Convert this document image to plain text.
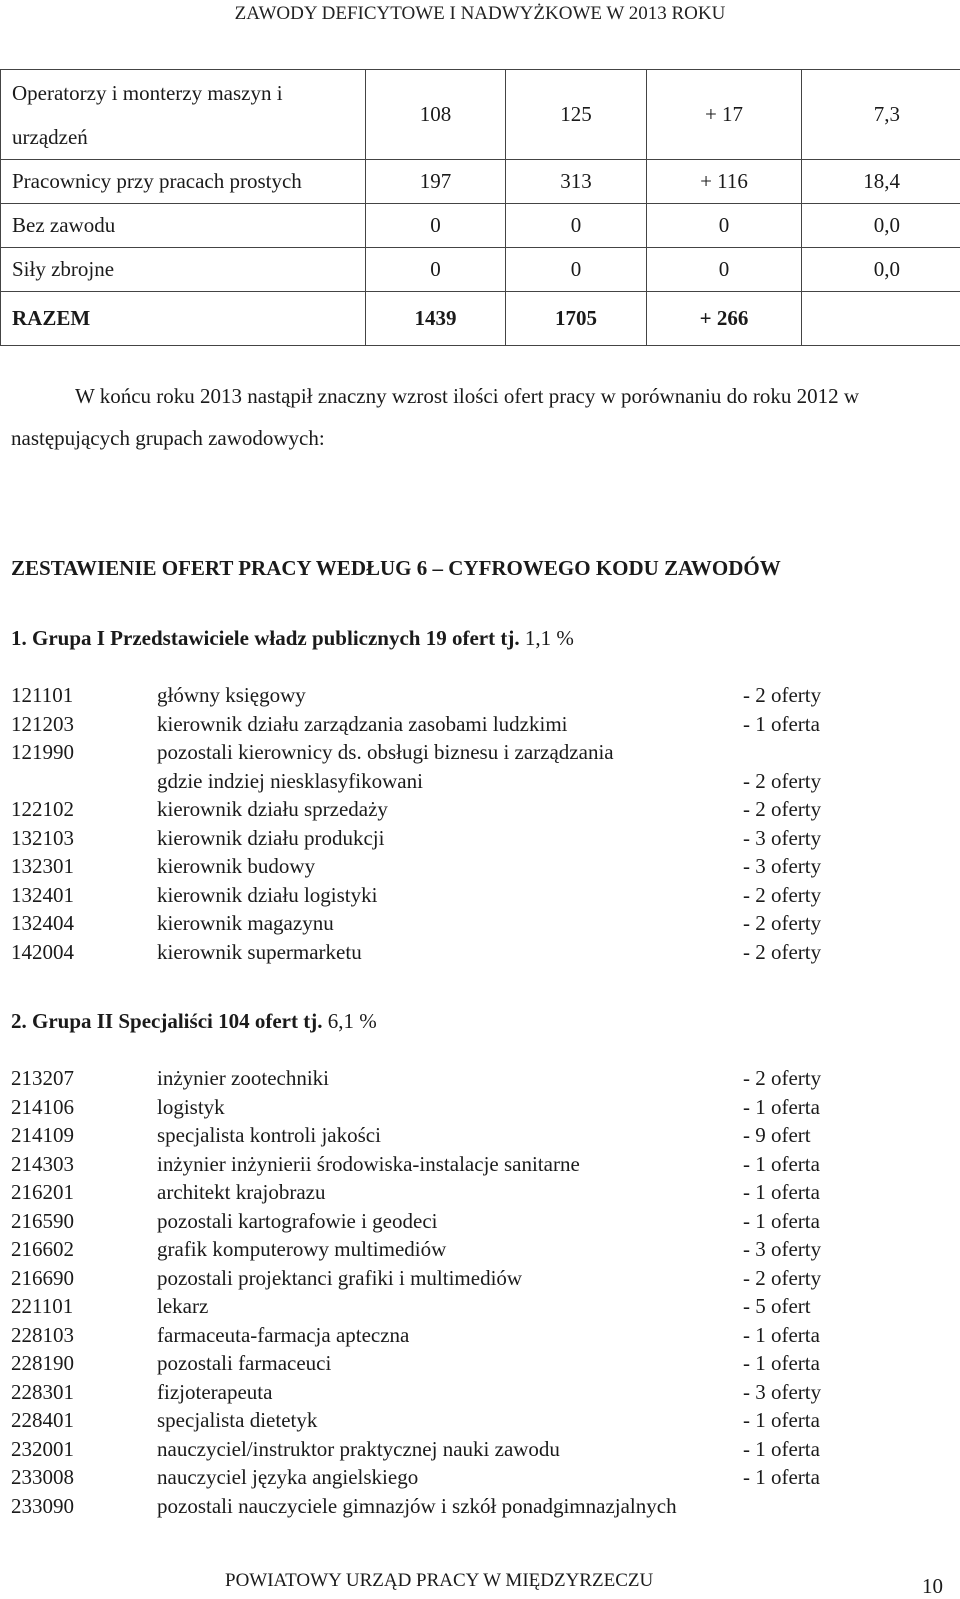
ZAWODY DEFICYTOWE I NADWYŻKOWE W 2013 ROKU
Operatorzy i monterzy maszyn i urządzeń	108	125	+ 17	7,3
Pracownicy przy pracach prostych	197	313	+ 116	18,4
Bez zawodu	0	0	0	0,0
Siły zbrojne	0	0	0	0,0
RAZEM	1439	1705	+ 266	
W końcu roku 2013 nastąpił znaczny wzrost ilości ofert pracy w porównaniu do roku 2012 w następujących grupach zawodowych:
ZESTAWIENIE OFERT PRACY WEDŁUG 6 – CYFROWEGO KODU ZAWODÓW
1. Grupa I Przedstawiciele władz publicznych 19 ofert tj. 1,1 %
121101	główny księgowy	- 2 oferty
121203	kierownik działu zarządzania zasobami ludzkimi	- 1 oferta
121990	pozostali kierownicy ds. obsługi biznesu i zarządzania
gdzie indziej niesklasyfikowani	- 2 oferty
122102	kierownik działu sprzedaży	- 2 oferty
132103	kierownik działu produkcji	- 3 oferty
132301	kierownik budowy	- 3 oferty
132401	kierownik działu logistyki	- 2 oferty
132404	kierownik magazynu	- 2 oferty
142004	kierownik supermarketu	- 2 oferty
2. Grupa II Specjaliści 104 ofert tj. 6,1 %
213207	inżynier zootechniki	- 2 oferty
214106	logistyk	- 1 oferta
214109	specjalista kontroli jakości	- 9 ofert
214303	inżynier inżynierii środowiska-instalacje sanitarne	- 1 oferta
216201	architekt krajobrazu	- 1 oferta
216590	pozostali kartografowie i geodeci	- 1 oferta
216602	grafik komputerowy multimediów	- 3 oferty
216690	pozostali projektanci grafiki i multimediów	- 2 oferty
221101	lekarz	- 5 ofert
228103	farmaceuta-farmacja apteczna	- 1 oferta
228190	pozostali farmaceuci	- 1 oferta
228301	fizjoterapeuta	- 3 oferty
228401	specjalista dietetyk	- 1 oferta
232001	nauczyciel/instruktor praktycznej nauki zawodu	- 1 oferta
233008	nauczyciel języka angielskiego	- 1 oferta
233090	pozostali nauczyciele gimnazjów i szkół ponadgimnazjalnych
POWIATOWY URZĄD PRACY W MIĘDZYRZECZU	10
